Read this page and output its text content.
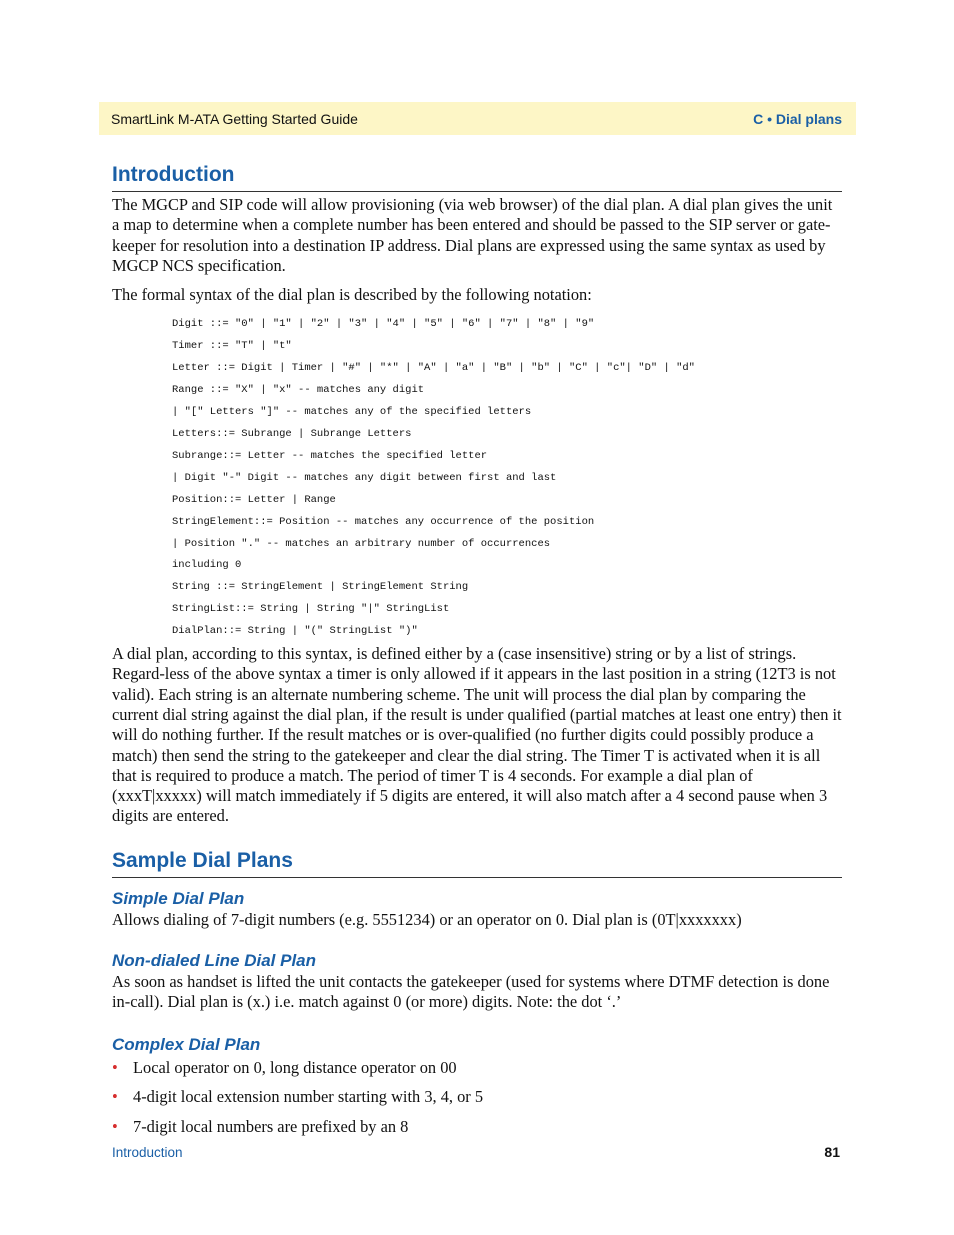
SmartLink M-ATA Getting Started Guide	C • Dial plans
Introduction

The MGCP and SIP code will allow provisioning (via web browser) of the dial plan. A dial plan gives the unit a map to determine when a complete number has been entered and should be passed to the SIP server or gate-keeper for resolution into a destination IP address. Dial plans are expressed using the same syntax as used by MGCP NCS specification.

The formal syntax of the dial plan is described by the following notation:

Digit ::= "0" | "1" | "2" | "3" | "4" | "5" | "6" | "7" | "8" | "9"
Timer ::= "T" | "t"
Letter ::= Digit | Timer | "#" | "*" | "A" | "a" | "B" | "b" | "C" | "c"| "D" | "d"
Range ::= "X" | "x" -- matches any digit
| "[" Letters "]" -- matches any of the specified letters
Letters::= Subrange | Subrange Letters
Subrange::= Letter -- matches the specified letter
| Digit "-" Digit -- matches any digit between first and last
Position::= Letter | Range
StringElement::= Position -- matches any occurrence of the position
| Position "." -- matches an arbitrary number of occurrences
including 0
String ::= StringElement | StringElement String
StringList::= String | String "|" StringList
DialPlan::= String | "(" StringList ")"

A dial plan, according to this syntax, is defined either by a (case insensitive) string or by a list of strings. Regard-less of the above syntax a timer is only allowed if it appears in the last position in a string (12T3 is not valid). Each string is an alternate numbering scheme. The unit will process the dial plan by comparing the current dial string against the dial plan, if the result is under qualified (partial matches at least one entry) then it will do nothing further. If the result matches or is over-qualified (no further digits could possibly produce a match) then send the string to the gatekeeper and clear the dial string. The Timer T is activated when it is all that is required to produce a match. The period of timer T is 4 seconds. For example a dial plan of (xxxT|xxxxx) will match immediately if 5 digits are entered, it will also match after a 4 second pause when 3 digits are entered.

Sample Dial Plans
Simple Dial Plan

Allows dialing of 7-digit numbers (e.g. 5551234) or an operator on 0. Dial plan is (0T|xxxxxxx)

Non-dialed Line Dial Plan

As soon as handset is lifted the unit contacts the gatekeeper (used for systems where DTMF detection is done in-call). Dial plan is (x.) i.e. match against 0 (or more) digits. Note: the dot ‘.’

Complex Dial Plan
• Local operator on 0, long distance operator on 00
• 4-digit local extension number starting with 3, 4, or 5
• 7-digit local numbers are prefixed by an 8
Introduction	81
